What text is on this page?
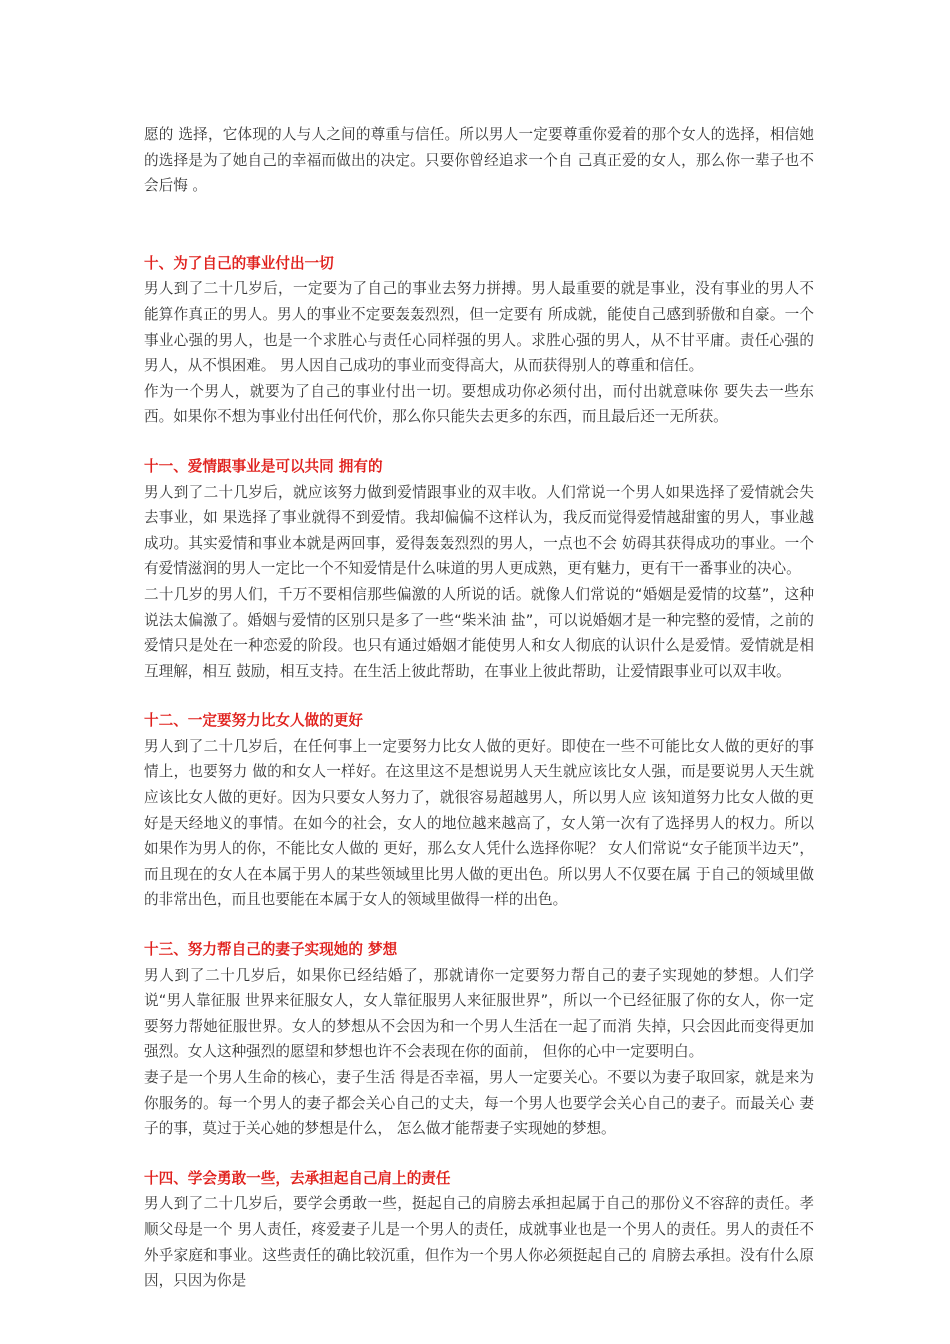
愿的 选择，它体现的人与人之间的尊重与信任。所以男人一定要尊重你爱着的那个女人的选择，相信她的选择是为了她自己的幸福而做出的决定。只要你曾经追求一个自 己真正爱的女人，那么你一辈子也不会后悔 。

十、为了自己的事业付出一切

男人到了二十几岁后，一定要为了自己的事业去努力拼搏。男人最重要的就是事业，没有事业的男人不能算作真正的男人。男人的事业不定要轰轰烈烈，但一定要有 所成就，能使自己感到骄傲和自豪。一个事业心强的男人，也是一个求胜心与责任心同样强的男人。求胜心强的男人，从不甘平庸。责任心强的男人，从不惧困难。 男人因自己成功的事业而变得高大，从而获得别人的尊重和信任。

作为一个男人，就要为了自己的事业付出一切。要想成功你必须付出，而付出就意味你 要失去一些东西。如果你不想为事业付出任何代价，那么你只能失去更多的东西，而且最后还一无所获。

十一、爱情跟事业是可以共同 拥有的

男人到了二十几岁后，就应该努力做到爱情跟事业的双丰收。人们常说一个男人如果选择了爱情就会失去事业，如 果选择了事业就得不到爱情。我却偏偏不这样认为，我反而觉得爱情越甜蜜的男人，事业越成功。其实爱情和事业本就是两回事，爱得轰轰烈烈的男人，一点也不会 妨碍其获得成功的事业。一个有爱情滋润的男人一定比一个不知爱情是什么味道的男人更成熟，更有魅力，更有干一番事业的决心。

二十几岁的男人们，千万不要相信那些偏激的人所说的话。就像人们常说的“婚姻是爱情的坟墓”，这种说法太偏激了。婚姻与爱情的区别只是多了一些“柴米油 盐”，可以说婚姻才是一种完整的爱情，之前的爱情只是处在一种恋爱的阶段。也只有通过婚姻才能使男人和女人彻底的认识什么是爱情。爱情就是相互理解，相互 鼓励，相互支持。在生活上彼此帮助，在事业上彼此帮助，让爱情跟事业可以双丰收。

十二、一定要努力比女人做的更好

男人到了二十几岁后，在任何事上一定要努力比女人做的更好。即使在一些不可能比女人做的更好的事情上，也要努力 做的和女人一样好。在这里这不是想说男人天生就应该比女人强，而是要说男人天生就应该比女人做的更好。因为只要女人努力了，就很容易超越男人，所以男人应 该知道努力比女人做的更好是天经地义的事情。在如今的社会，女人的地位越来越高了，女人第一次有了选择男人的权力。所以如果作为男人的你，不能比女人做的 更好，那么女人凭什么选择你呢？ 女人们常说“女子能顶半边天”，而且现在的女人在本属于男人的某些领域里比男人做的更出色。所以男人不仅要在属 于自己的领域里做的非常出色，而且也要能在本属于女人的领域里做得一样的出色。

十三、努力帮自己的妻子实现她的 梦想

男人到了二十几岁后，如果你已经结婚了，那就请你一定要努力帮自己的妻子实现她的梦想。人们学说“男人靠征服 世界来征服女人，女人靠征服男人来征服世界”，所以一个已经征服了你的女人，你一定要努力帮她征服世界。女人的梦想从不会因为和一个男人生活在一起了而消 失掉，只会因此而变得更加强烈。女人这种强烈的愿望和梦想也许不会表现在你的面前， 但你的心中一定要明白。

妻子是一个男人生命的核心，妻子生活 得是否幸福，男人一定要关心。不要以为妻子取回家，就是来为你服务的。每一个男人的妻子都会关心自己的丈夫，每一个男人也要学会关心自己的妻子。而最关心 妻子的事，莫过于关心她的梦想是什么， 怎么做才能帮妻子实现她的梦想。

十四、学会勇敢一些，去承担起自己肩上的责任

男人到了二十几岁后，要学会勇敢一些，挺起自己的肩膀去承担起属于自己的那份义不容辞的责任。孝顺父母是一个 男人责任，疼爱妻子儿是一个男人的责任，成就事业也是一个男人的责任。男人的责任不外乎家庭和事业。这些责任的确比较沉重，但作为一个男人你必须挺起自己的 肩膀去承担。没有什么原因，只因为你是
